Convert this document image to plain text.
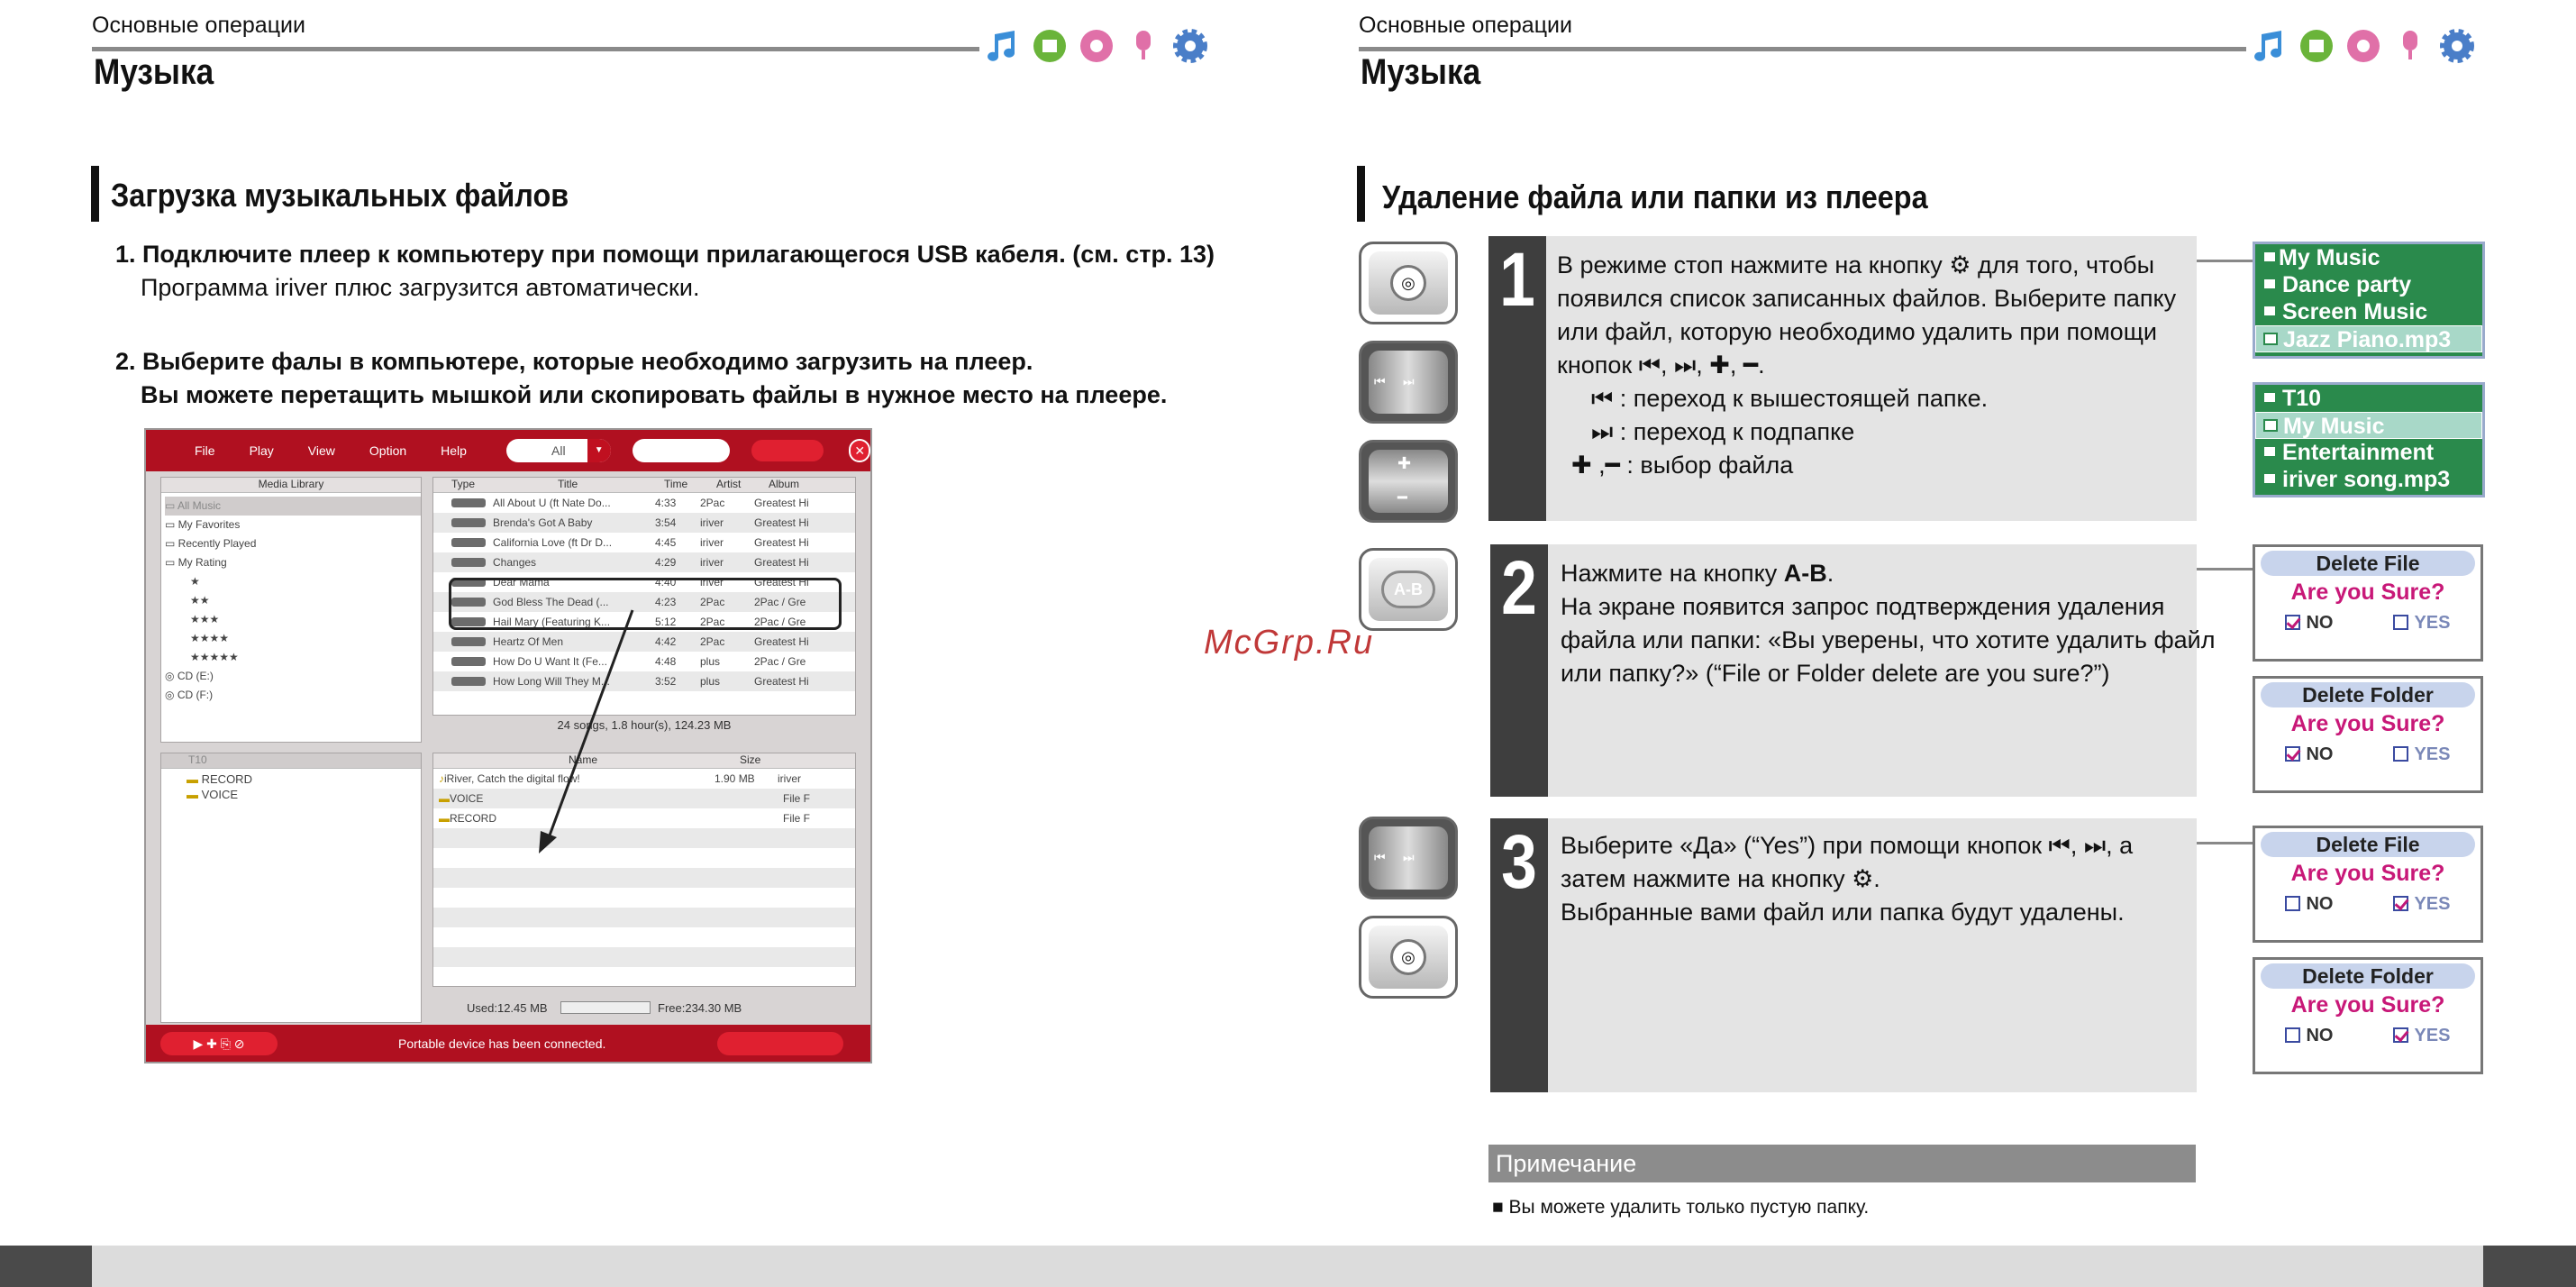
Основные операции
Музыка
Загрузка музыкальных файлов
1. Подключите плеер к компьютеру при помощи прилагающегося USB кабеля. (см. стр. 13)
Программа iriver плюс загрузится автоматически.
2. Выберите фалы в компьютере, которые необходимо загрузить на плеер.
Вы можете перетащить мышкой или скопировать файлы в нужное место на плеере.
File	Play	View	Option	Help	All	▼	✕
Media Library
▭ All Music
▭ My Favorites
▭ Recently Played
▭ My Rating
★
★★
★★★
★★★★
★★★★★
◎ CD (E:)
◎ CD (F:)
Type	Title	Time	Artist	Album
All About U (ft Nate Do...	4:33	2Pac	Greatest Hi
Brenda's Got A Baby	3:54	iriver	Greatest Hi
California Love (ft Dr D...	4:45	iriver	Greatest Hi
Changes	4:29	iriver	Greatest Hi
Dear Mama	4:40	iriver	Greatest Hi
God Bless The Dead (...	4:23	2Pac	2Pac / Gre
Hail Mary (Featuring K...	5:12	2Pac	2Pac / Gre
Heartz Of Men	4:42	2Pac	Greatest Hi
How Do U Want It (Fe...	4:48	plus	2Pac / Gre
How Long Will They M...	3:52	plus	Greatest Hi
24 songs, 1.8 hour(s), 124.23 MB
T10
▬ RECORD
▬ VOICE
Name	Size
♪ iRiver, Catch the digital flow!	1.90 MB	iriver
▬ VOICE	File F
▬ RECORD	File F
Used:12.45 MB	Free:234.30 MB
▶ ✚ ⎘ ⊘	Portable device has been connected.
Основные операции
Музыка
Удаление файла или папки из плеера
1 В режиме стоп нажмите на кнопку ⚙ для того, чтобы
появился список записанных файлов. Выберите папку
или файл, которую необходимо удалить при помощи
кнопок ⏮, ⏭, ✚, ━.
⏮ : переход к вышестоящей папке.
⏭ : переход к подпапке
✚ ,━ : выбор файла
2 Нажмите на кнопку A-B.
На экране появится запрос подтверждения удаления
файла или папки: «Вы уверены, что хотите удалить файл
или папку?» (“File or Folder delete are you sure?”)
3 Выберите «Да» (“Yes”) при помощи кнопок ⏮, ⏭, а
затем нажмите на кнопку ⚙.
Выбранные вами файл или папка будут удалены.
◎
⏮     ⏭
✚
━
A-B
⏮     ⏭
◎
My Music
Dance party
Screen Music
Jazz Piano.mp3
T10
My Music
Entertainment
iriver song.mp3
Delete File
Are you Sure?
NO	YES
Delete Folder
Are you Sure?
NO	YES
Delete File
Are you Sure?
NO	YES
Delete Folder
Are you Sure?
NO	YES
Примечание
■ Вы можете удалить только пустую папку.
McGrp.Ru
